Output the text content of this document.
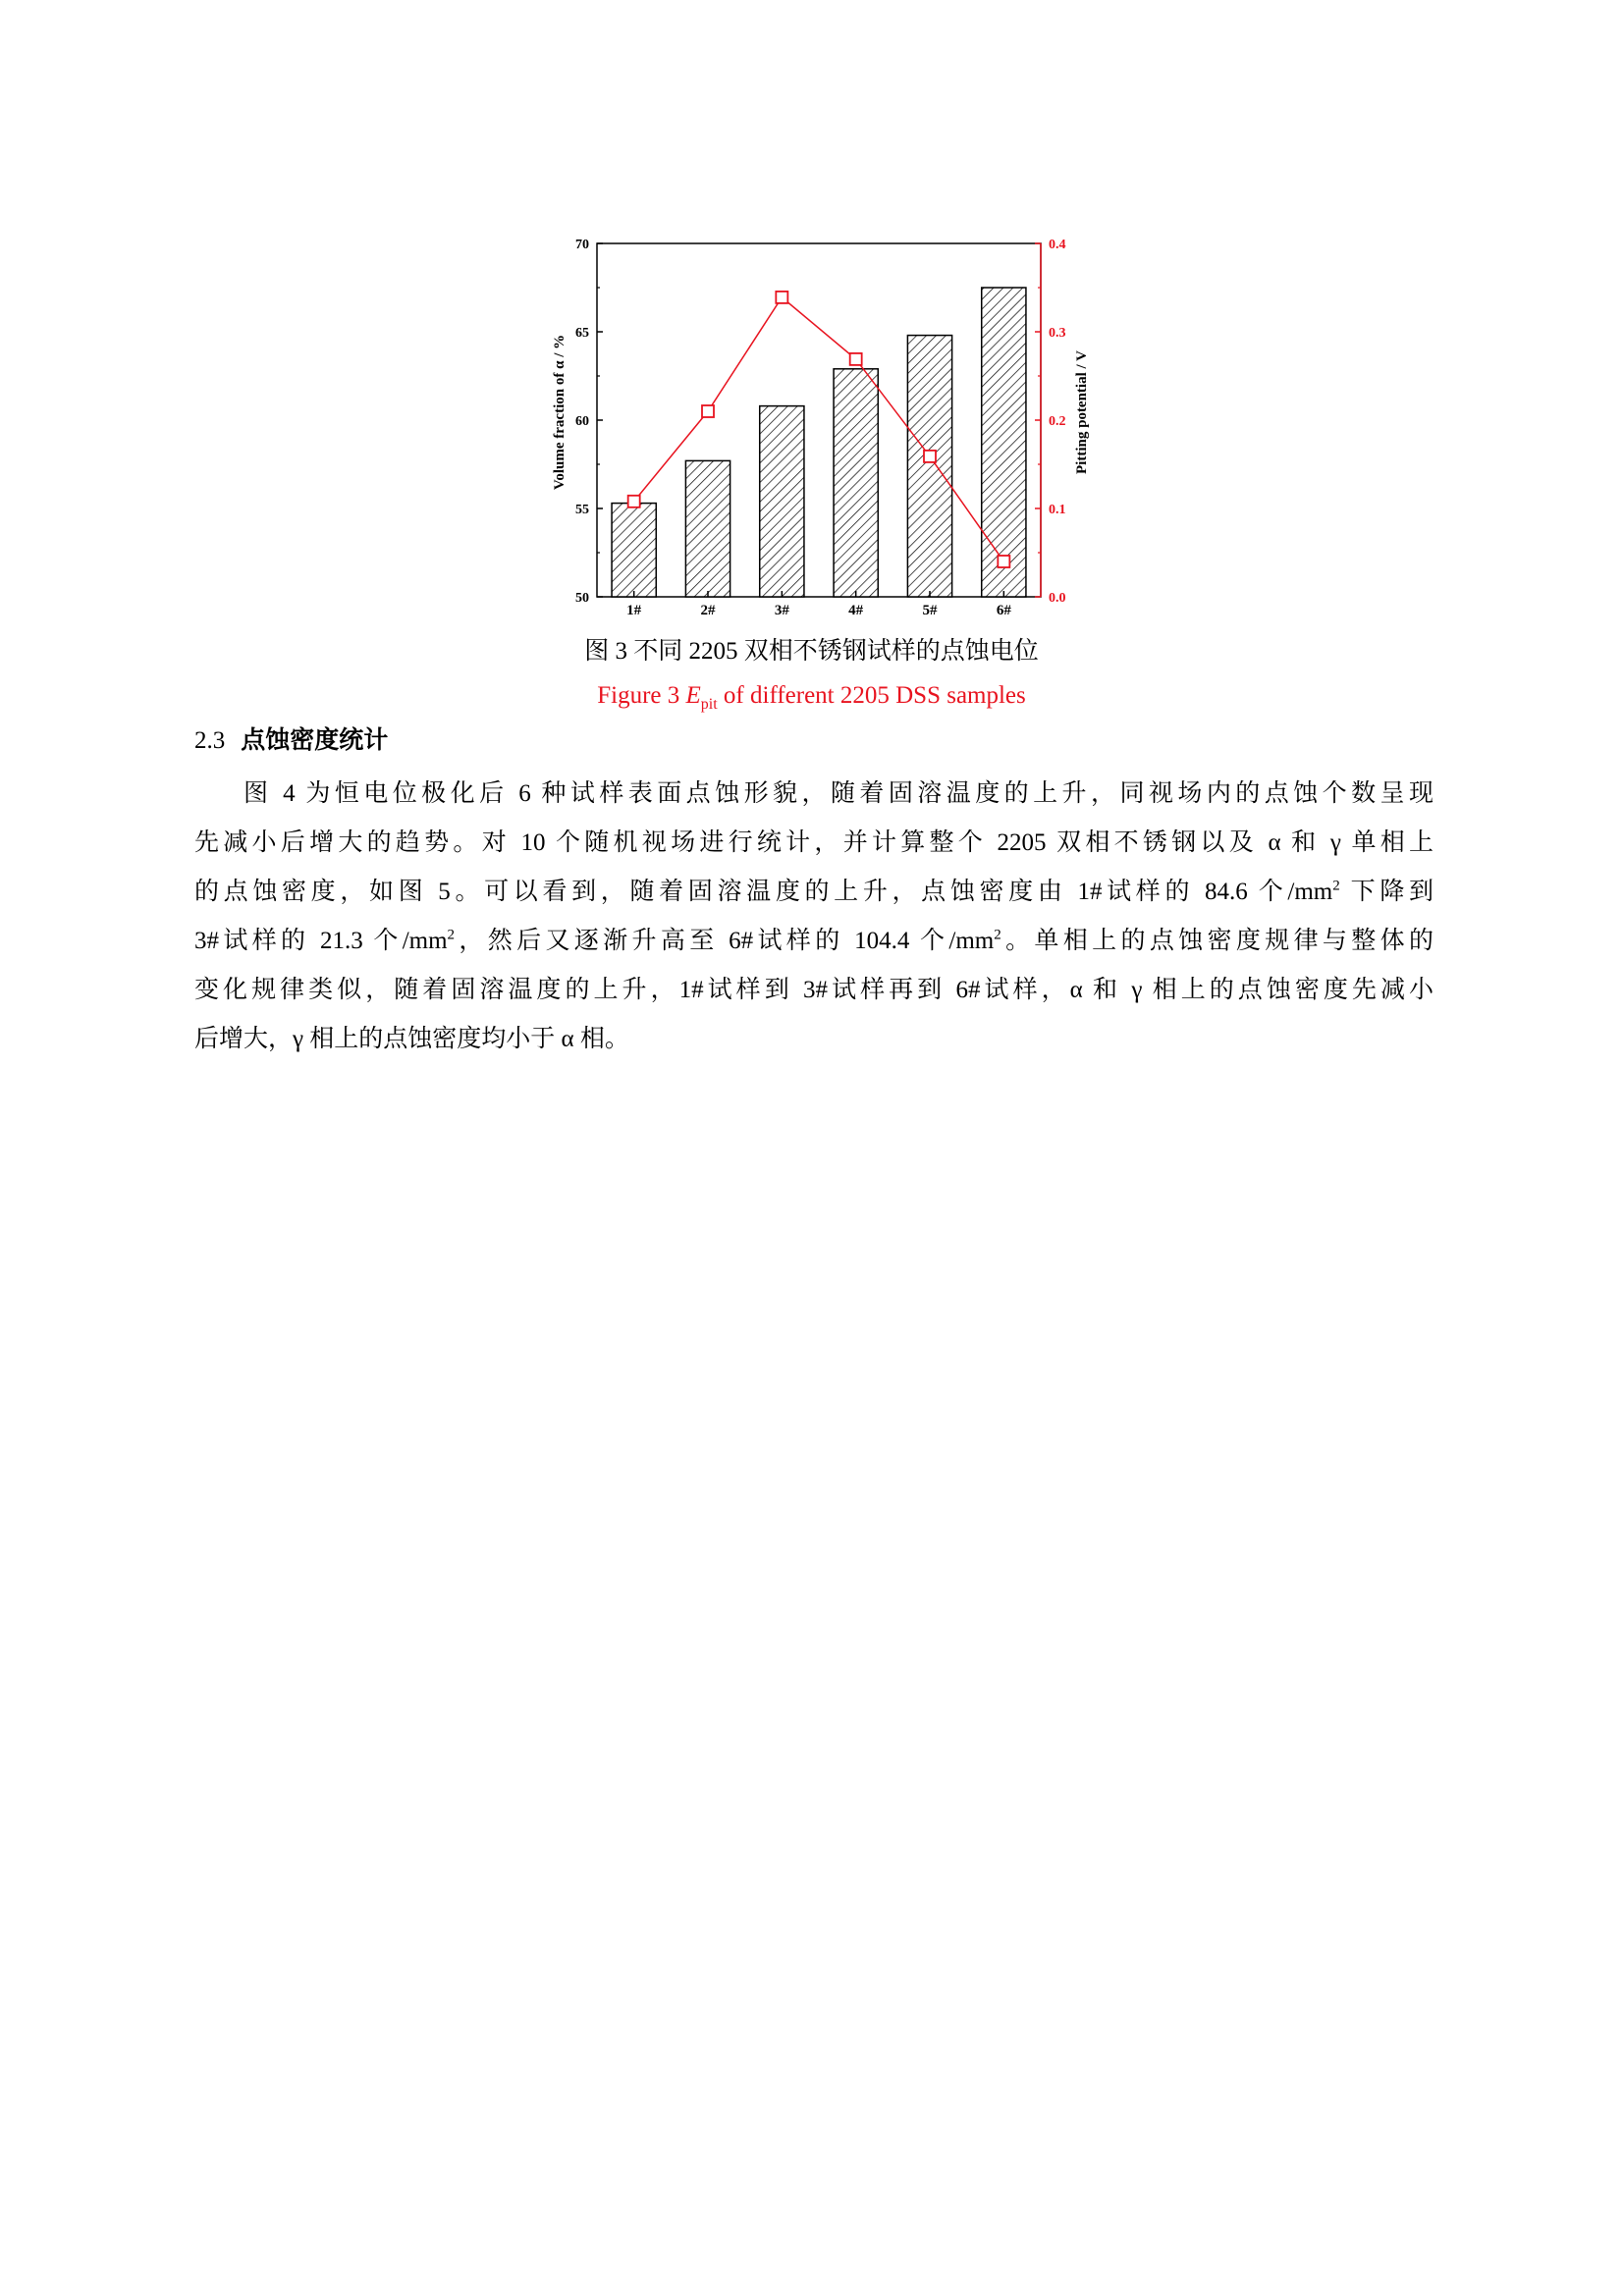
50
55
60
65
70
0.0
0.1
0.2
0.3
0.4
1#	2#	3#	4#	5#	6#
Volume fraction of α / %	Pitting potential / V
图 3 不同 2205 双相不锈钢试样的点蚀电位
Figure 3 $E_{pit}$ of different 2205 DSS samples
2.3 点蚀密度统计
图 4 为恒电位极化后 6 种试样表面点蚀形貌，随着固溶温度的上升，同视场内的点蚀个数呈现
先减小后增大的趋势。对 10 个随机视场进行统计，并计算整个 2205 双相不锈钢以及 α 和 γ 单相上
的点蚀密度，如图 5。可以看到，随着固溶温度的上升，点蚀密度由 1#试样的 84.6 个$/mm^2$ 下降到
3#试样的 21.3 个$/mm^2$，然后又逐渐升高至 6#试样的 104.4 个$/mm^2$。单相上的点蚀密度规律与整体的
变化规律类似，随着固溶温度的上升，1#试样到 3#试样再到 6#试样，α 和 γ 相上的点蚀密度先减小
后增大，γ 相上的点蚀密度均小于 α 相。
